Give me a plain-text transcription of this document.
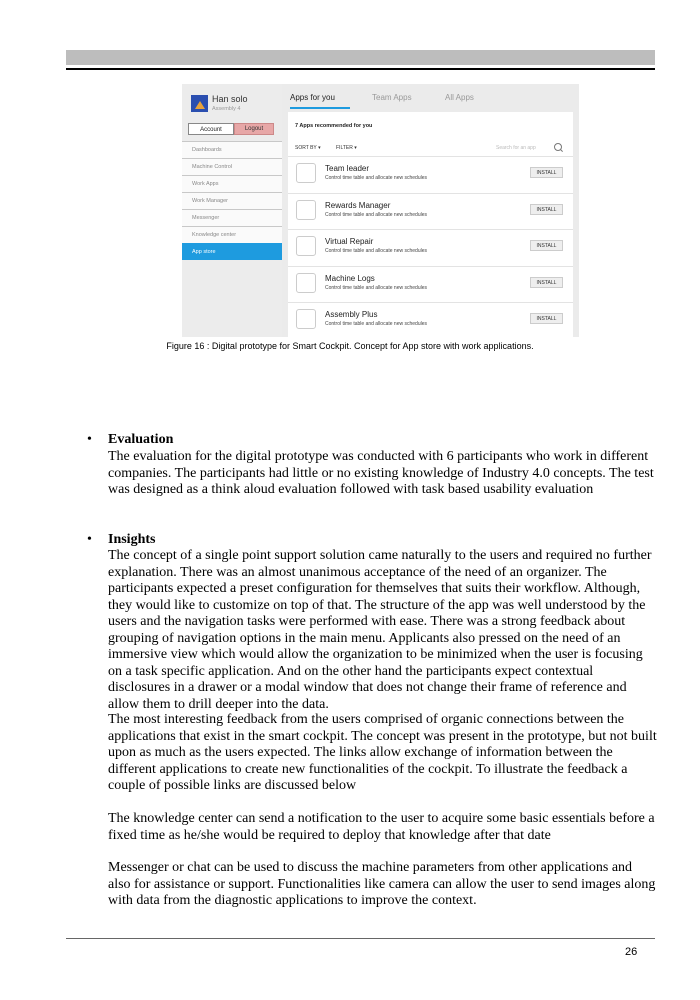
Han solo
Assembly 4
Account	Logout
Dashboards
Machine Control
Work Apps
Work Manager
Messenger
Knowledge center
App store
Apps for you	Team Apps	All Apps
7 Apps recommended for you
SORT BY ▾	FILTER ▾	Search for an app
Team leader
Control time table and allocate new schedules
INSTALL
Rewards Manager
Control time table and allocate new schedules
INSTALL
Virtual Repair
Control time table and allocate new schedules
INSTALL
Machine Logs
Control time table and allocate new schedules
INSTALL
Assembly Plus
Control time table and allocate new schedules
INSTALL
Figure 16 : Digital prototype for Smart Cockpit. Concept for App store with work applications.
• Evaluation
The evaluation for the digital prototype was conducted with 6 participants who work in different companies. The participants had little or no existing knowledge of Industry 4.0 concepts. The test was designed as a think aloud evaluation followed with task based usability evaluation
• Insights
The concept of a single point support solution came naturally to the users and required no further explanation. There was an almost unanimous acceptance of the need of an organizer. The participants expected a preset configuration for themselves that suits their workflow. Although, they would like to customize on top of that. The structure of the app was well understood by the users and the navigation tasks were performed with ease. There was a strong feedback about grouping of navigation options in the main menu. Applicants also pressed on the need of an immersive view which would allow the organization to be minimized when the user is focusing on a task specific application. And on the other hand the participants expect contextual disclosures in a drawer or a modal window that does not change their frame of reference and allow them to drill deeper into the data.
The most interesting feedback from the users comprised of organic connections between the applications that exist in the smart cockpit. The concept was present in the prototype, but not built upon as much as the users expected. The links allow exchange of information between the different applications to create new functionalities of the cockpit. To illustrate the feedback a couple of possible links are discussed below
The knowledge center can send a notification to the user to acquire some basic essentials before a fixed time as he/she would be required to deploy that knowledge after that date
Messenger or chat can be used to discuss the machine parameters from other applications and also for assistance or support. Functionalities like camera can allow the user to send images along with data from the diagnostic applications to improve the context.
26
